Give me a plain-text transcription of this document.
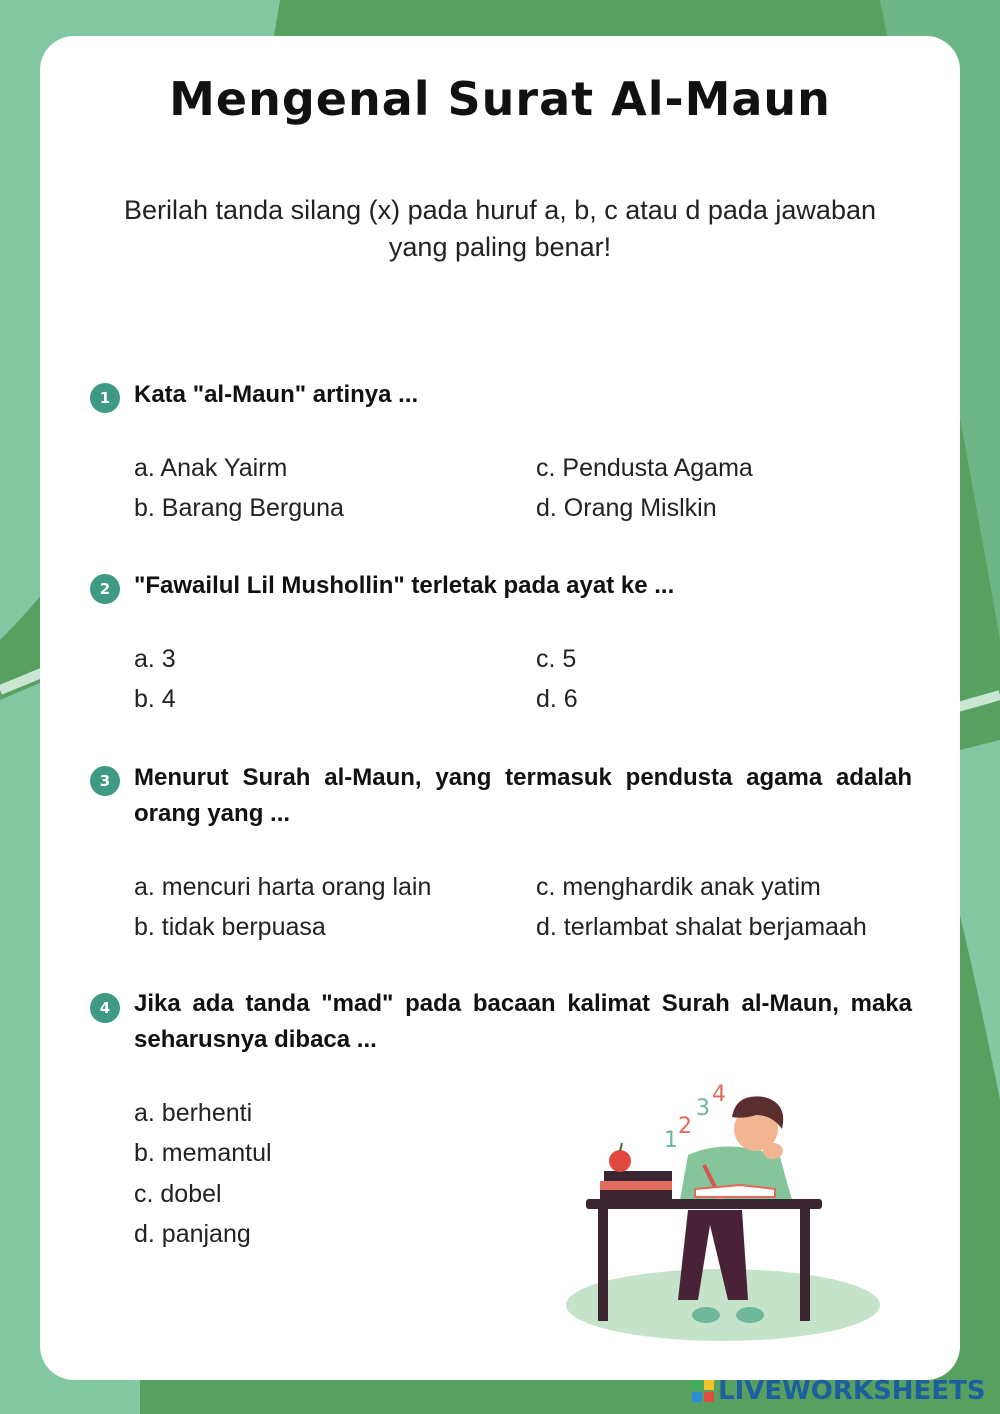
Mengenal Surat Al-Maun
Berilah tanda silang (x) pada huruf a, b, c atau d pada jawaban yang paling benar!
1 Kata "al-Maun" artinya ...
a. Anak Yairm
b. Barang Berguna
c. Pendusta Agama
d. Orang Mislkin
2 "Fawailul Lil Mushollin" terletak pada ayat ke ...
a. 3
b. 4
c. 5
d. 6
3 Menurut Surah al-Maun, yang termasuk pendusta agama adalah orang yang ...
a. mencuri harta orang lain
b. tidak berpuasa
c. menghardik anak yatim
d. terlambat shalat berjamaah
4 Jika ada tanda "mad" pada bacaan kalimat Surah al-Maun, maka seharusnya dibaca ...
a. berhenti
b. memantul
c. dobel
d. panjang
1
2
3
4
LIVEWORKSHEETS
